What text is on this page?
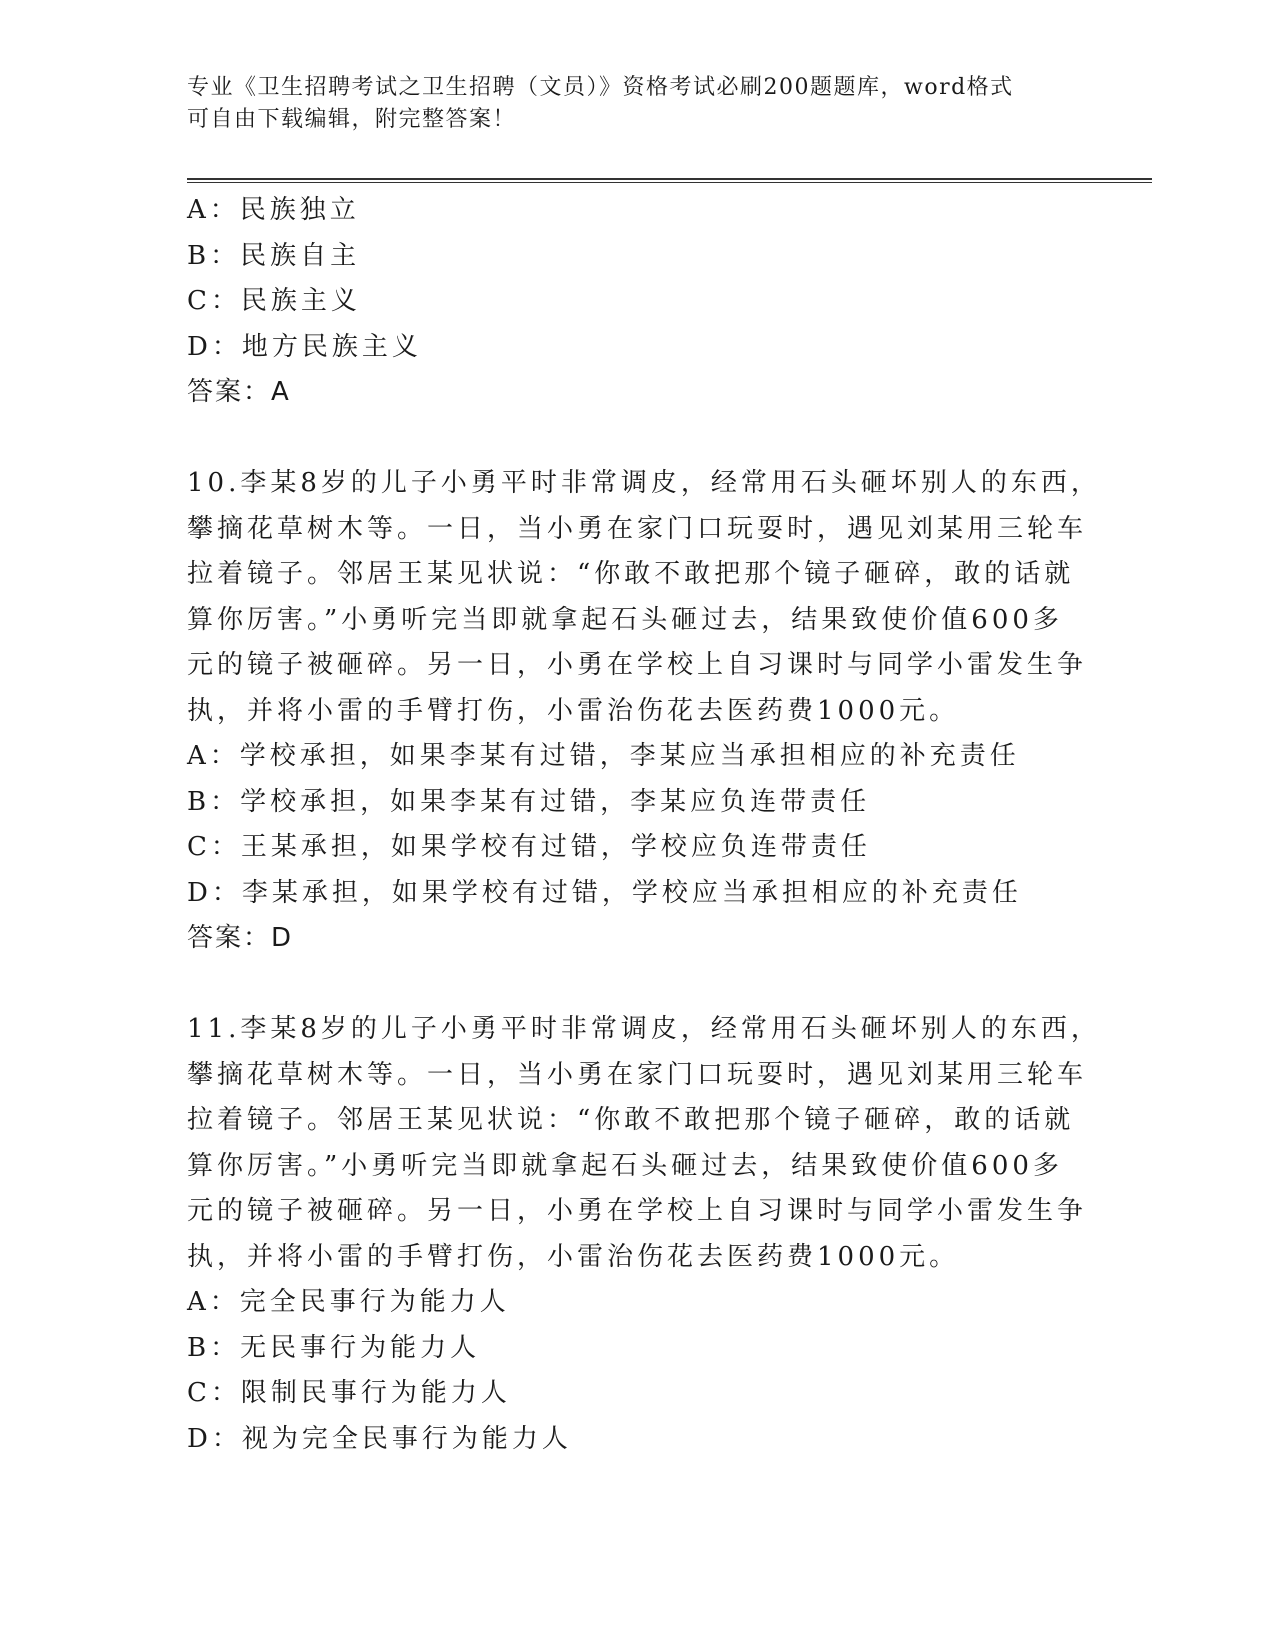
专业《卫生招聘考试之卫生招聘（文员）》资格考试必刷200题题库，word格式
可自由下载编辑，附完整答案！
A：民族独立
B：民族自主
C：民族主义
D：地方民族主义
答案：A
10.李某8岁的儿子小勇平时非常调皮，经常用石头砸坏别人的东西，
攀摘花草树木等。一日，当小勇在家门口玩耍时，遇见刘某用三轮车
拉着镜子。邻居王某见状说：“你敢不敢把那个镜子砸碎，敢的话就
算你厉害。”小勇听完当即就拿起石头砸过去，结果致使价值600多
元的镜子被砸碎。另一日，小勇在学校上自习课时与同学小雷发生争
执，并将小雷的手臂打伤，小雷治伤花去医药费1000元。
A：学校承担，如果李某有过错，李某应当承担相应的补充责任
B：学校承担，如果李某有过错，李某应负连带责任
C：王某承担，如果学校有过错，学校应负连带责任
D：李某承担，如果学校有过错，学校应当承担相应的补充责任
答案：D
11.李某8岁的儿子小勇平时非常调皮，经常用石头砸坏别人的东西，
攀摘花草树木等。一日，当小勇在家门口玩耍时，遇见刘某用三轮车
拉着镜子。邻居王某见状说：“你敢不敢把那个镜子砸碎，敢的话就
算你厉害。”小勇听完当即就拿起石头砸过去，结果致使价值600多
元的镜子被砸碎。另一日，小勇在学校上自习课时与同学小雷发生争
执，并将小雷的手臂打伤，小雷治伤花去医药费1000元。
A：完全民事行为能力人
B：无民事行为能力人
C：限制民事行为能力人
D：视为完全民事行为能力人
